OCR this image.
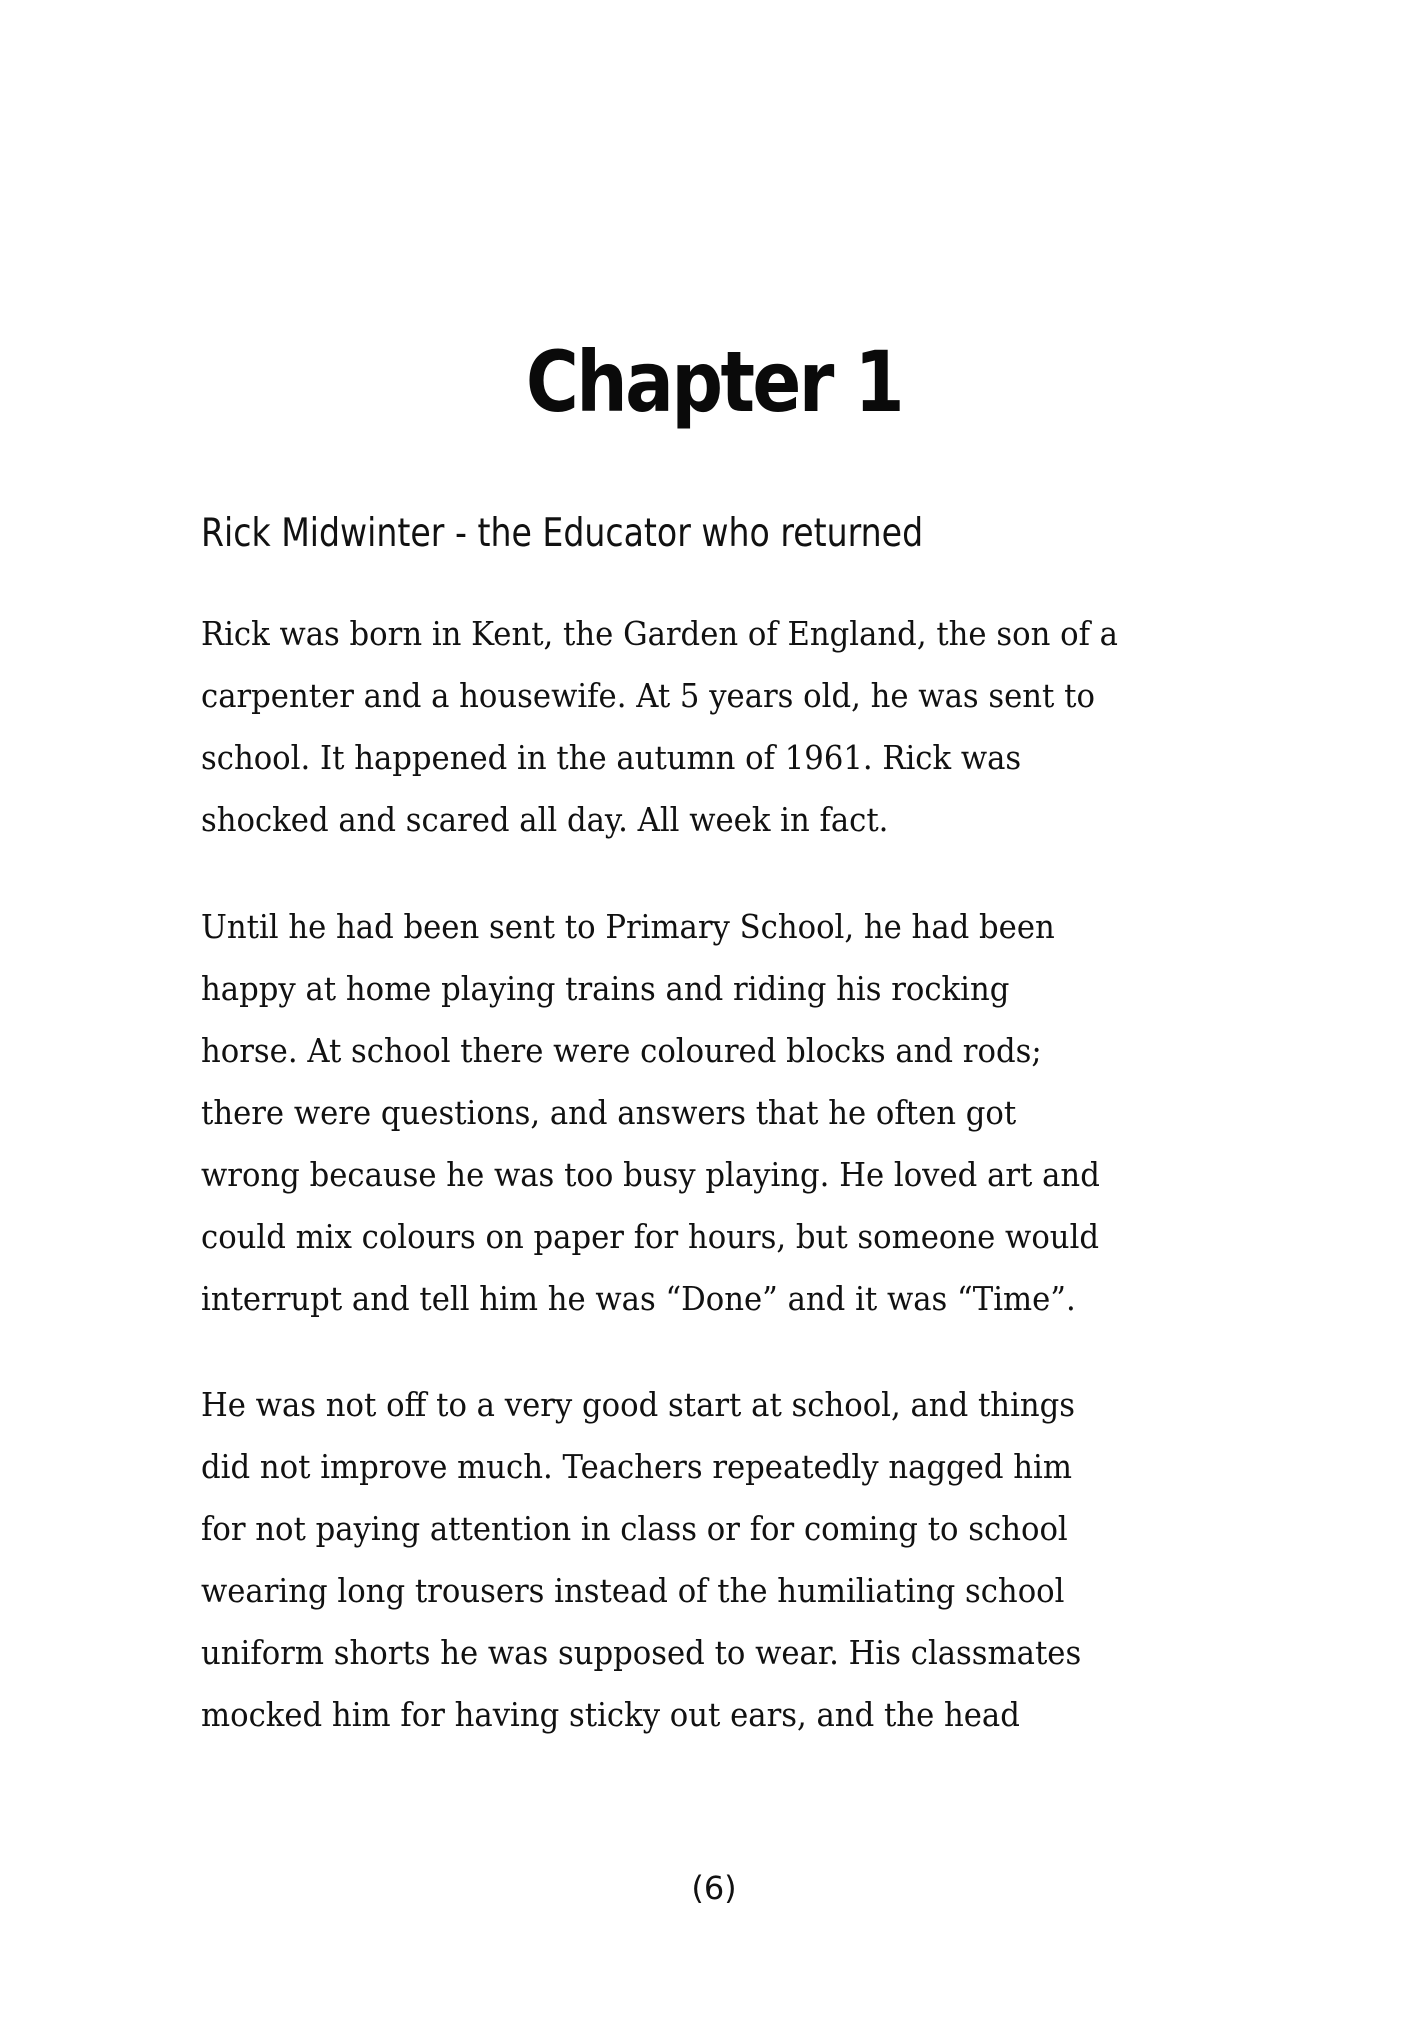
Chapter 1
Rick Midwinter - the Educator who returned
Rick was born in Kent, the Garden of England, the son of a
carpenter and a housewife. At 5 years old, he was sent to
school. It happened in the autumn of 1961. Rick was
shocked and scared all day. All week in fact.
Until he had been sent to Primary School, he had been
happy at home playing trains and riding his rocking
horse. At school there were coloured blocks and rods;
there were questions, and answers that he often got
wrong because he was too busy playing. He loved art and
could mix colours on paper for hours, but someone would
interrupt and tell him he was “Done” and it was “Time”.
He was not off to a very good start at school, and things
did not improve much. Teachers repeatedly nagged him
for not paying attention in class or for coming to school
wearing long trousers instead of the humiliating school
uniform shorts he was supposed to wear. His classmates
mocked him for having sticky out ears, and the head
(6)
